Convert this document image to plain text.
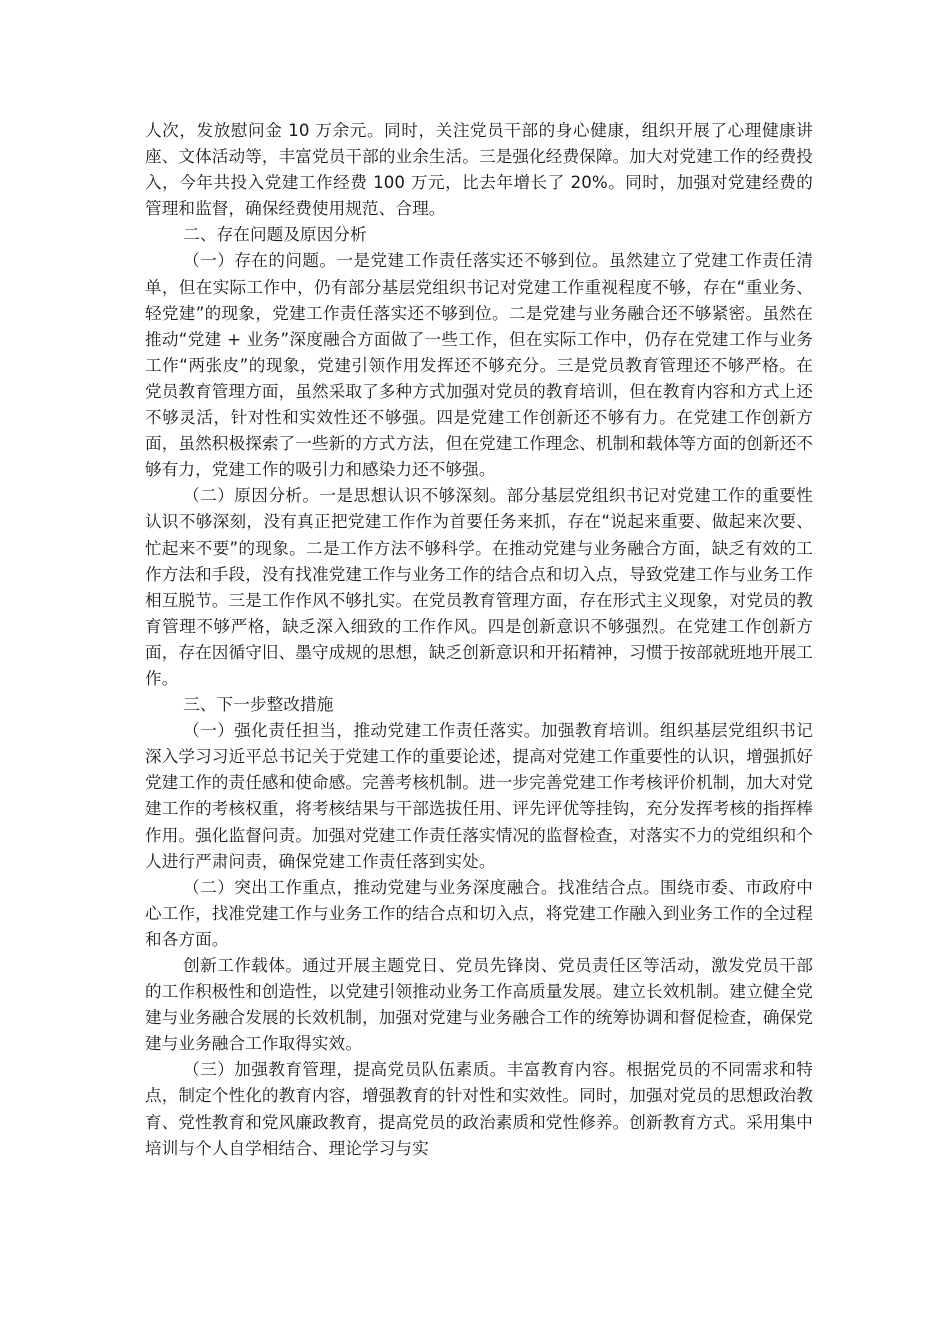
人次，发放慰问金 10 万余元。同时，关注党员干部的身心健康，组织开展了心理健康讲座、文体活动等，丰富党员干部的业余生活。三是强化经费保障。加大对党建工作的经费投入，今年共投入党建工作经费 100 万元，比去年增长了 20%。同时，加强对党建经费的管理和监督，确保经费使用规范、合理。

二、存在问题及原因分析

（一）存在的问题。一是党建工作责任落实还不够到位。虽然建立了党建工作责任清单，但在实际工作中，仍有部分基层党组织书记对党建工作重视程度不够，存在“重业务、轻党建”的现象，党建工作责任落实还不够到位。二是党建与业务融合还不够紧密。虽然在推动“党建 + 业务”深度融合方面做了一些工作，但在实际工作中，仍存在党建工作与业务工作“两张皮”的现象，党建引领作用发挥还不够充分。三是党员教育管理还不够严格。在党员教育管理方面，虽然采取了多种方式加强对党员的教育培训，但在教育内容和方式上还不够灵活，针对性和实效性还不够强。四是党建工作创新还不够有力。在党建工作创新方面，虽然积极探索了一些新的方式方法，但在党建工作理念、机制和载体等方面的创新还不够有力，党建工作的吸引力和感染力还不够强。

（二）原因分析。一是思想认识不够深刻。部分基层党组织书记对党建工作的重要性认识不够深刻，没有真正把党建工作作为首要任务来抓，存在“说起来重要、做起来次要、忙起来不要”的现象。二是工作方法不够科学。在推动党建与业务融合方面，缺乏有效的工作方法和手段，没有找准党建工作与业务工作的结合点和切入点，导致党建工作与业务工作相互脱节。三是工作作风不够扎实。在党员教育管理方面，存在形式主义现象，对党员的教育管理不够严格，缺乏深入细致的工作作风。四是创新意识不够强烈。在党建工作创新方面，存在因循守旧、墨守成规的思想，缺乏创新意识和开拓精神，习惯于按部就班地开展工作。

三、下一步整改措施

（一）强化责任担当，推动党建工作责任落实。加强教育培训。组织基层党组织书记深入学习习近平总书记关于党建工作的重要论述，提高对党建工作重要性的认识，增强抓好党建工作的责任感和使命感。完善考核机制。进一步完善党建工作考核评价机制，加大对党建工作的考核权重，将考核结果与干部选拔任用、评先评优等挂钩，充分发挥考核的指挥棒作用。强化监督问责。加强对党建工作责任落实情况的监督检查，对落实不力的党组织和个人进行严肃问责，确保党建工作责任落到实处。

（二）突出工作重点，推动党建与业务深度融合。找准结合点。围绕市委、市政府中心工作，找准党建工作与业务工作的结合点和切入点，将党建工作融入到业务工作的全过程和各方面。

创新工作载体。通过开展主题党日、党员先锋岗、党员责任区等活动，激发党员干部的工作积极性和创造性，以党建引领推动业务工作高质量发展。建立长效机制。建立健全党建与业务融合发展的长效机制，加强对党建与业务融合工作的统筹协调和督促检查，确保党建与业务融合工作取得实效。

（三）加强教育管理，提高党员队伍素质。丰富教育内容。根据党员的不同需求和特点，制定个性化的教育内容，增强教育的针对性和实效性。同时，加强对党员的思想政治教育、党性教育和党风廉政教育，提高党员的政治素质和党性修养。创新教育方式。采用集中培训与个人自学相结合、理论学习与实
